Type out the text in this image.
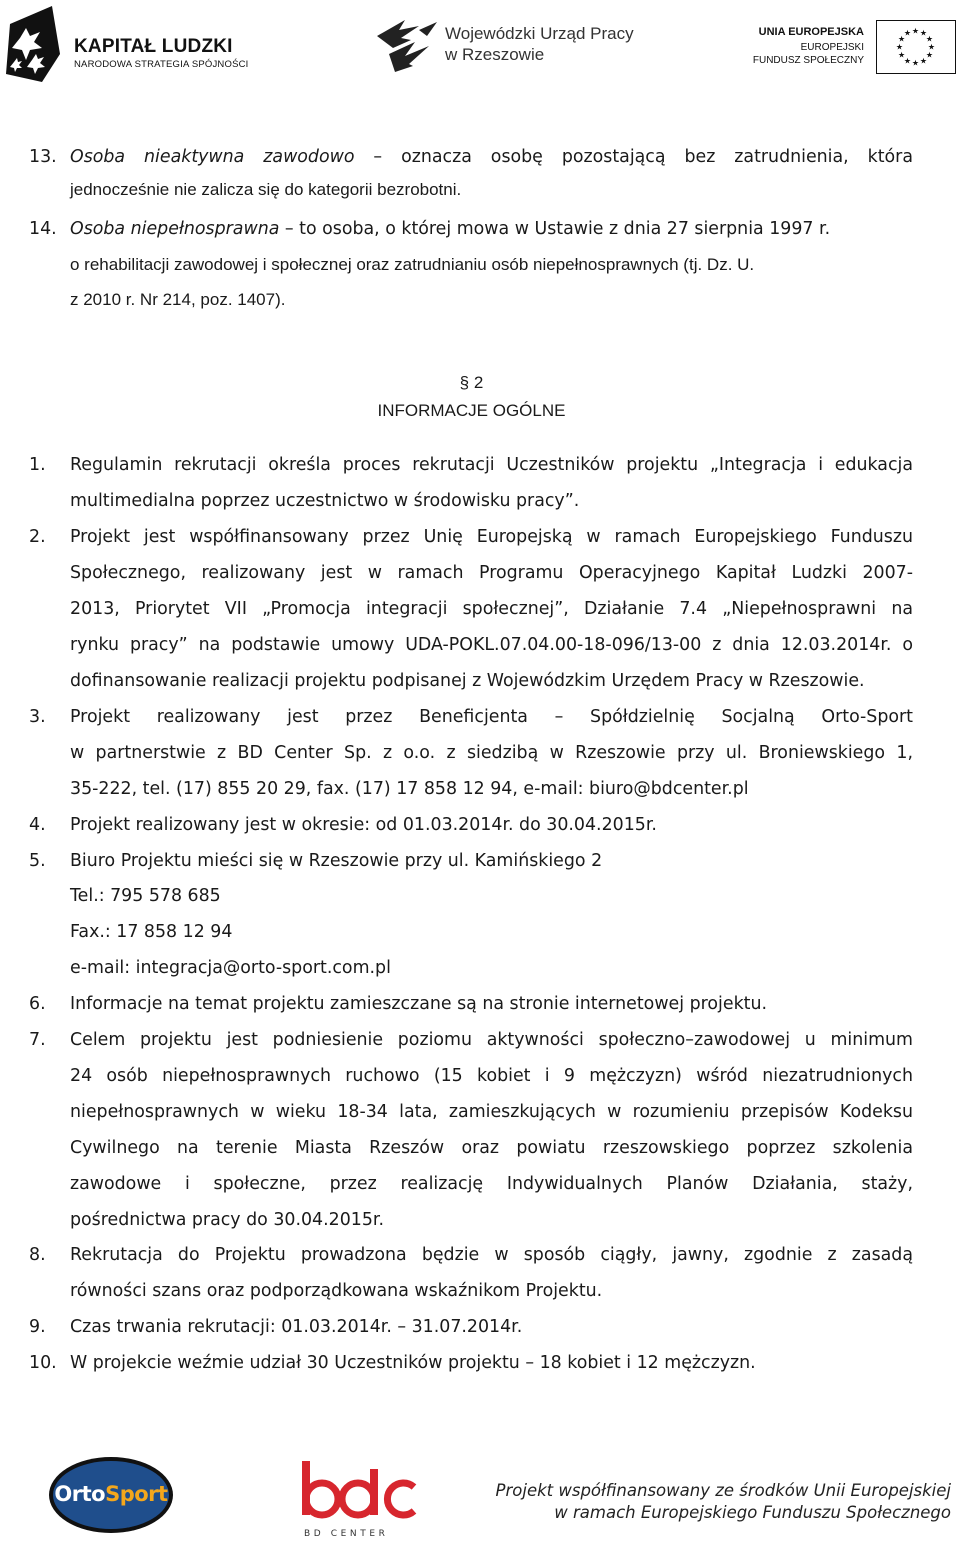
KAPITAŁ LUDZKI
NARODOWA STRATEGIA SPÓJNOŚCI
Wojewódzki Urząd Pracy
w Rzeszowie
UNIA EUROPEJSKA
EUROPEJSKI
FUNDUSZ SPOŁECZNY
★ ★
★
★
★
★
★
★
★
★
★
★
13. Osoba nieaktywna zawodowo – oznacza osobę pozostającą bez zatrudnienia, która
jednocześnie nie zalicza się do kategorii bezrobotni.
14. Osoba niepełnosprawna – to osoba, o której mowa w Ustawie z dnia 27 sierpnia 1997 r.
o rehabilitacji zawodowej i społecznej oraz zatrudnianiu osób niepełnosprawnych (tj. Dz. U.
z 2010 r. Nr 214, poz. 1407).
§ 2
INFORMACJE OGÓLNE
1. Regulamin rekrutacji określa proces rekrutacji Uczestników projektu „Integracja i edukacja
multimedialna poprzez uczestnictwo w środowisku pracy”.
2. Projekt jest współfinansowany przez Unię Europejską w ramach Europejskiego Funduszu
Społecznego, realizowany jest w ramach Programu Operacyjnego Kapitał Ludzki 2007-
2013, Priorytet VII „Promocja integracji społecznej”, Działanie 7.4 „Niepełnosprawni na
rynku pracy” na podstawie umowy UDA-POKL.07.04.00-18-096/13-00 z dnia 12.03.2014r. o
dofinansowanie realizacji projektu podpisanej z Wojewódzkim Urzędem Pracy w Rzeszowie.
3. Projekt realizowany jest przez Beneficjenta – Spółdzielnię Socjalną Orto-Sport
w partnerstwie z BD Center Sp. z o.o. z siedzibą w Rzeszowie przy ul. Broniewskiego 1,
35-222, tel. (17) 855 20 29, fax. (17) 17 858 12 94, e-mail: biuro@bdcenter.pl
4. Projekt realizowany jest w okresie: od 01.03.2014r. do 30.04.2015r.
5. Biuro Projektu mieści się w Rzeszowie przy ul. Kamińskiego 2
Tel.: 795 578 685
Fax.: 17 858 12 94
e-mail: integracja@orto-sport.com.pl
6. Informacje na temat projektu zamieszczane są na stronie internetowej projektu.
7. Celem projektu jest podniesienie poziomu aktywności społeczno–zawodowej u minimum
24 osób niepełnosprawnych ruchowo (15 kobiet i 9 mężczyzn) wśród niezatrudnionych
niepełnosprawnych w wieku 18-34 lata, zamieszkujących w rozumieniu przepisów Kodeksu
Cywilnego na terenie Miasta Rzeszów oraz powiatu rzeszowskiego poprzez szkolenia
zawodowe i społeczne, przez realizację Indywidualnych Planów Działania, staży,
pośrednictwa pracy do 30.04.2015r.
8. Rekrutacja do Projektu prowadzona będzie w sposób ciągły, jawny, zgodnie z zasadą
równości szans oraz podporządkowana wskaźnikom Projektu.
9. Czas trwania rekrutacji: 01.03.2014r. – 31.07.2014r.
10. W projekcie weźmie udział 30 Uczestników projektu – 18 kobiet i 12 mężczyzn.
OrtoSport
BD CENTER
Projekt współfinansowany ze środków Unii Europejskiej
w ramach Europejskiego Funduszu Społecznego
